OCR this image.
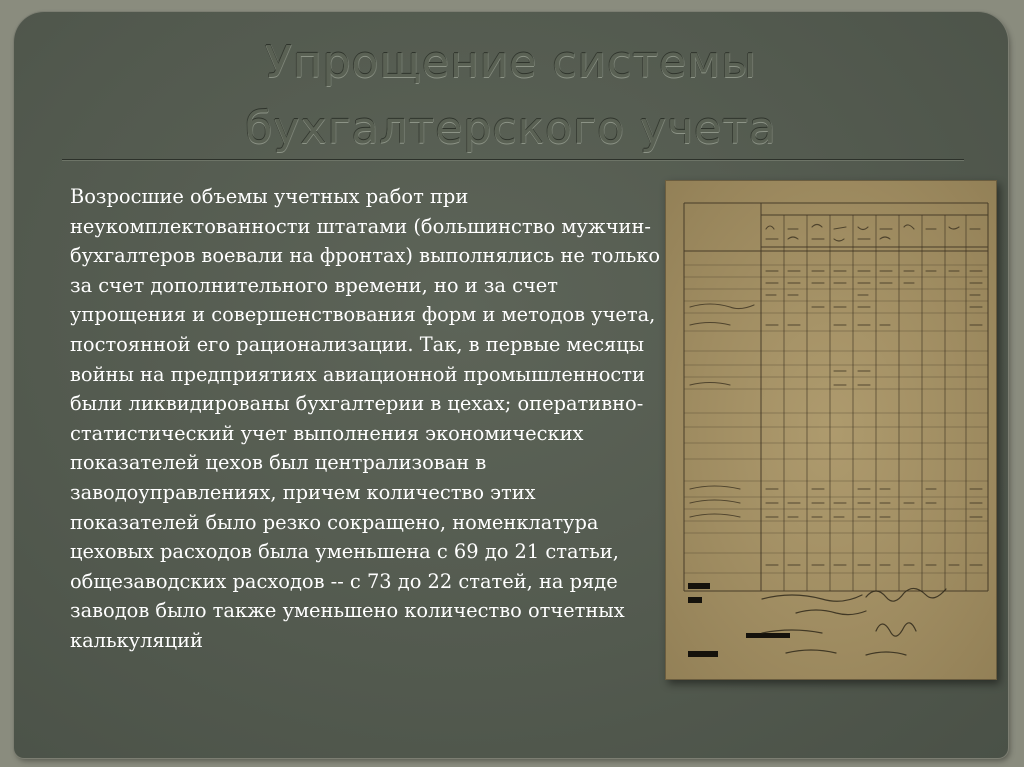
Упрощение системы
бухгалтерского учета

Возросшие объемы учетных работ при неукомплектованности штатами (большинство мужчин-бухгалтеров воевали на фронтах) выполнялись не только за счет дополнительного времени, но и за счет упрощения и совершенствования форм и методов учета, постоянной его рационализации. Так, в первые месяцы войны на предприятиях авиационной промышленности были ликвидированы бухгалтерии в цехах; оперативно-статистический учет выполнения экономических показателей цехов был централизован в заводоуправлениях, причем количество этих показателей было резко сокращено, номенклатура цеховых расходов была уменьшена с 69 до 21 статьи, общезаводских расходов -- с 73 до 22 статей, на ряде заводов было также уменьшено количество отчетных калькуляций
